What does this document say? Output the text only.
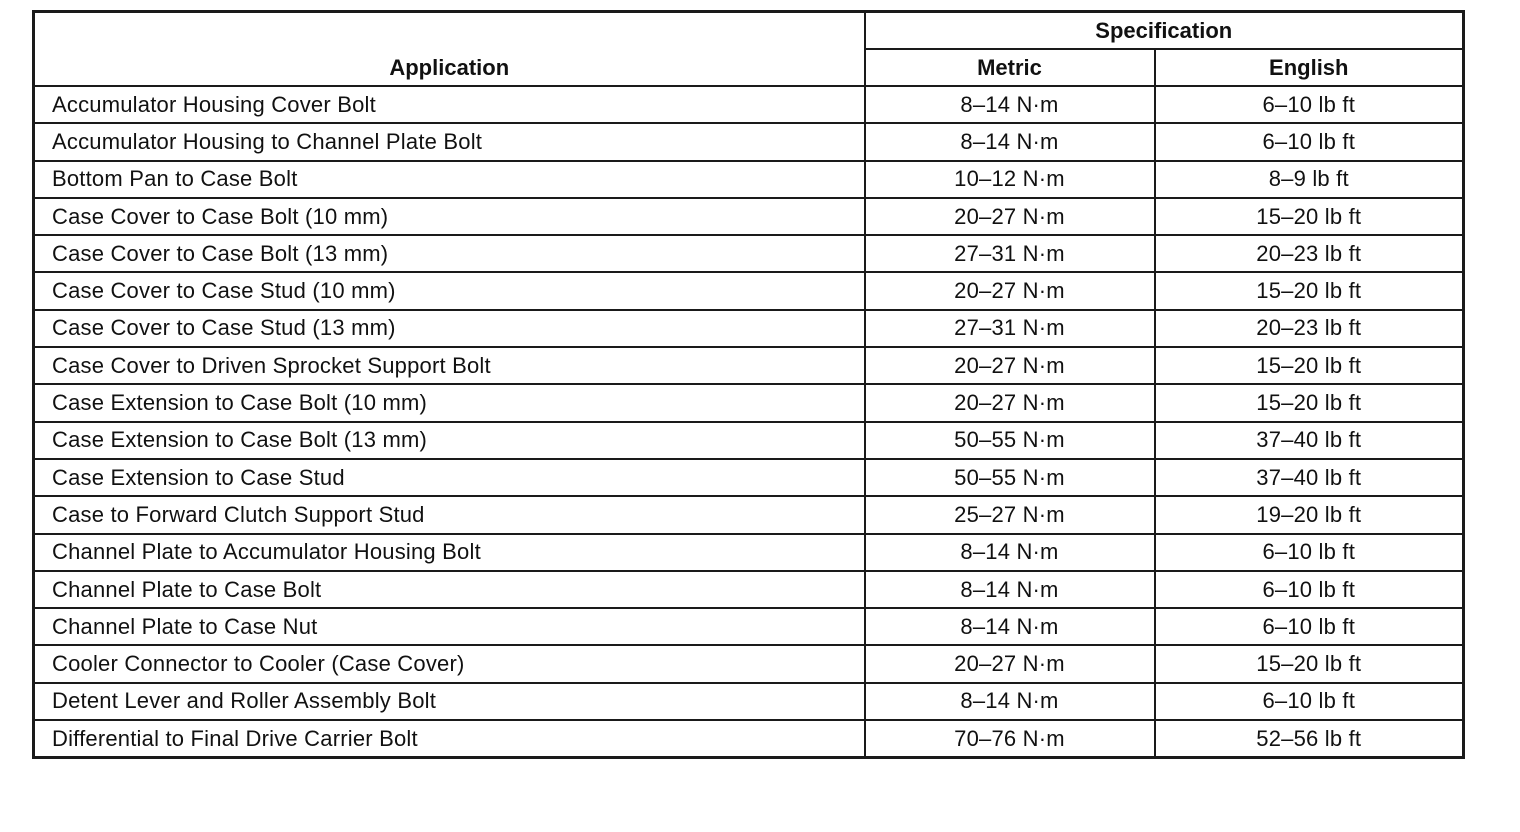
Application	Specification	
	Metric	English
Accumulator Housing Cover Bolt	8–14 N·m	6–10 lb ft
Accumulator Housing to Channel Plate Bolt	8–14 N·m	6–10 lb ft
Bottom Pan to Case Bolt	10–12 N·m	8–9 lb ft
Case Cover to Case Bolt (10 mm)	20–27 N·m	15–20 lb ft
Case Cover to Case Bolt (13 mm)	27–31 N·m	20–23 lb ft
Case Cover to Case Stud (10 mm)	20–27 N·m	15–20 lb ft
Case Cover to Case Stud (13 mm)	27–31 N·m	20–23 lb ft
Case Cover to Driven Sprocket Support Bolt	20–27 N·m	15–20 lb ft
Case Extension to Case Bolt (10 mm)	20–27 N·m	15–20 lb ft
Case Extension to Case Bolt (13 mm)	50–55 N·m	37–40 lb ft
Case Extension to Case Stud	50–55 N·m	37–40 lb ft
Case to Forward Clutch Support Stud	25–27 N·m	19–20 lb ft
Channel Plate to Accumulator Housing Bolt	8–14 N·m	6–10 lb ft
Channel Plate to Case Bolt	8–14 N·m	6–10 lb ft
Channel Plate to Case Nut	8–14 N·m	6–10 lb ft
Cooler Connector to Cooler (Case Cover)	20–27 N·m	15–20 lb ft
Detent Lever and Roller Assembly Bolt	8–14 N·m	6–10 lb ft
Differential to Final Drive Carrier Bolt	70–76 N·m	52–56 lb ft
